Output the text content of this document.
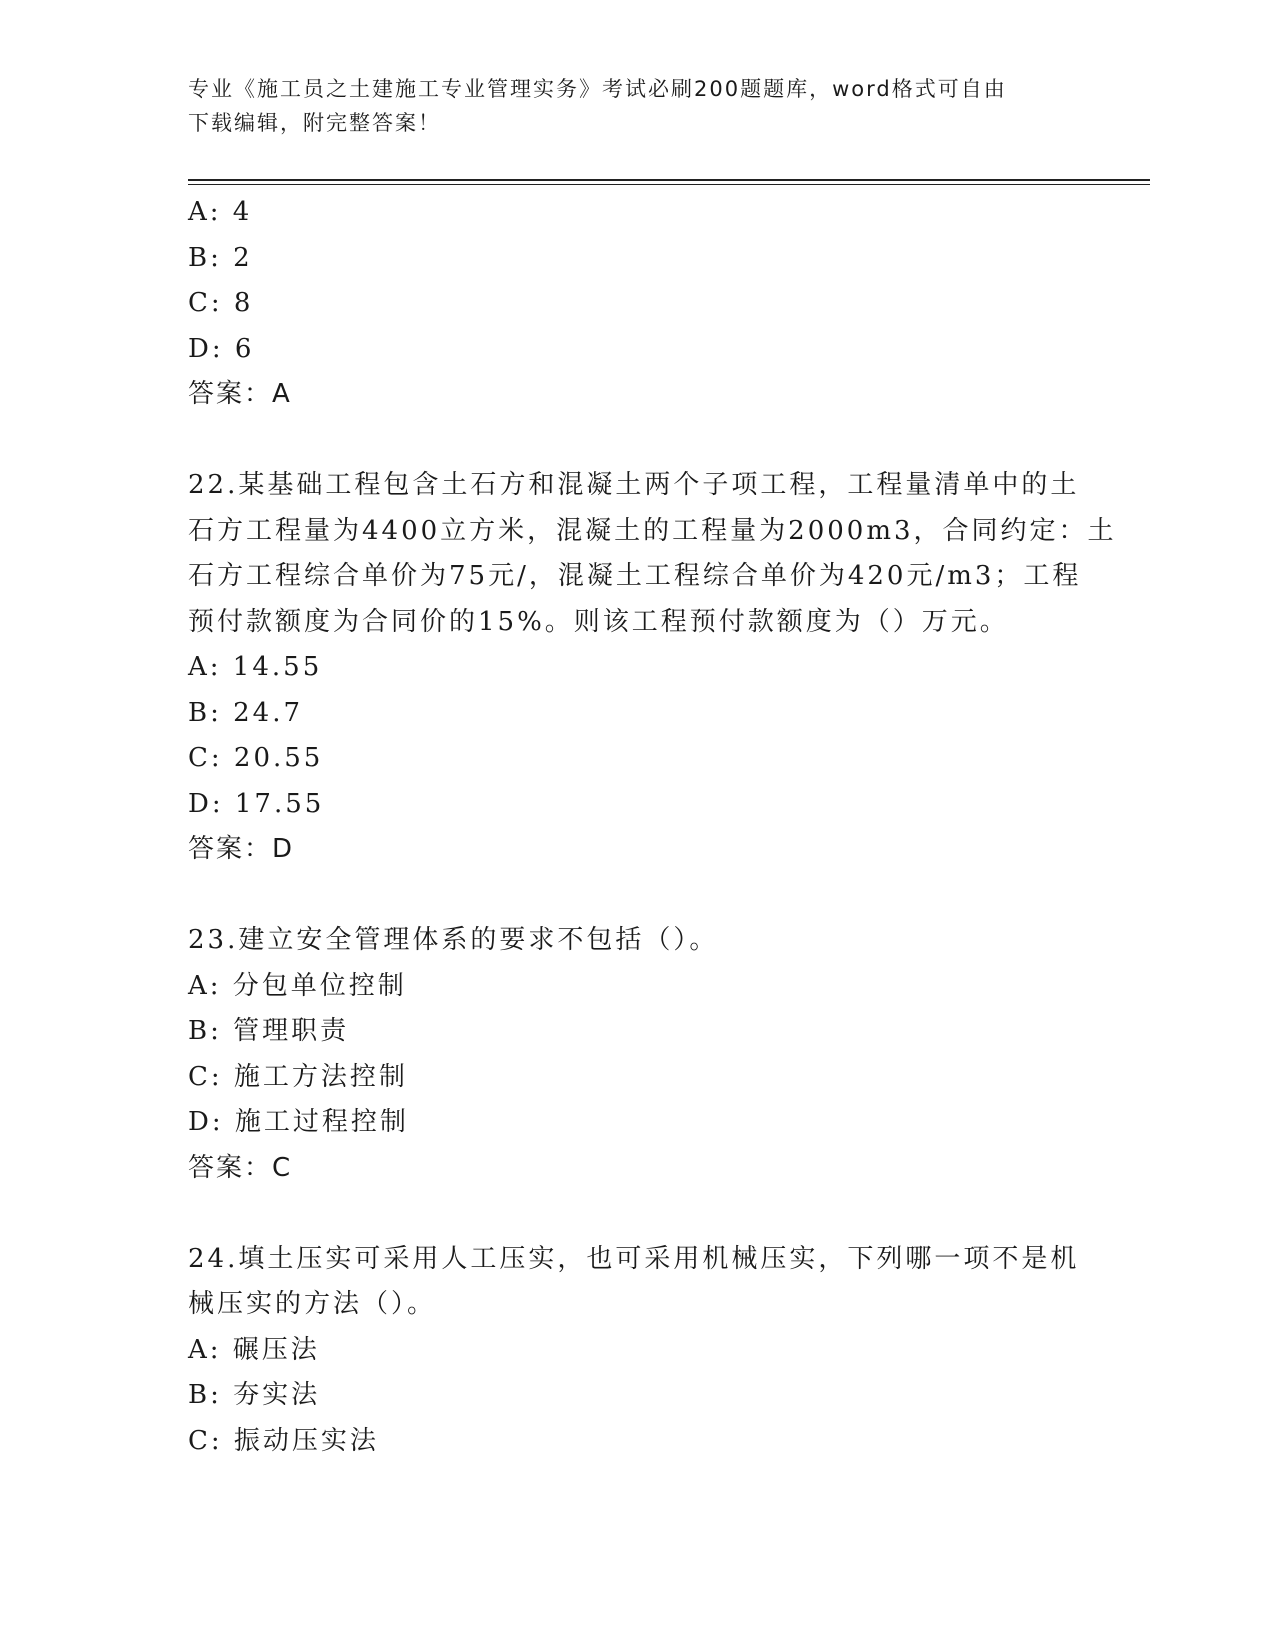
专业《施工员之土建施工专业管理实务》考试必刷200题题库，word格式可自由
下载编辑，附完整答案！
A: 4
B: 2
C: 8
D: 6
答案：A
22.某基础工程包含土石方和混凝土两个子项工程，工程量清单中的土
石方工程量为4400立方米，混凝土的工程量为2000m3，合同约定：土
石方工程综合单价为75元/，混凝土工程综合单价为420元/m3；工程
预付款额度为合同价的15%。则该工程预付款额度为（）万元。
A: 14.55
B: 24.7
C: 20.55
D: 17.55
答案：D
23.建立安全管理体系的要求不包括（）。
A: 分包单位控制
B: 管理职责
C: 施工方法控制
D: 施工过程控制
答案：C
24.填土压实可采用人工压实，也可采用机械压实，下列哪一项不是机
械压实的方法（）。
A: 碾压法
B: 夯实法
C: 振动压实法
